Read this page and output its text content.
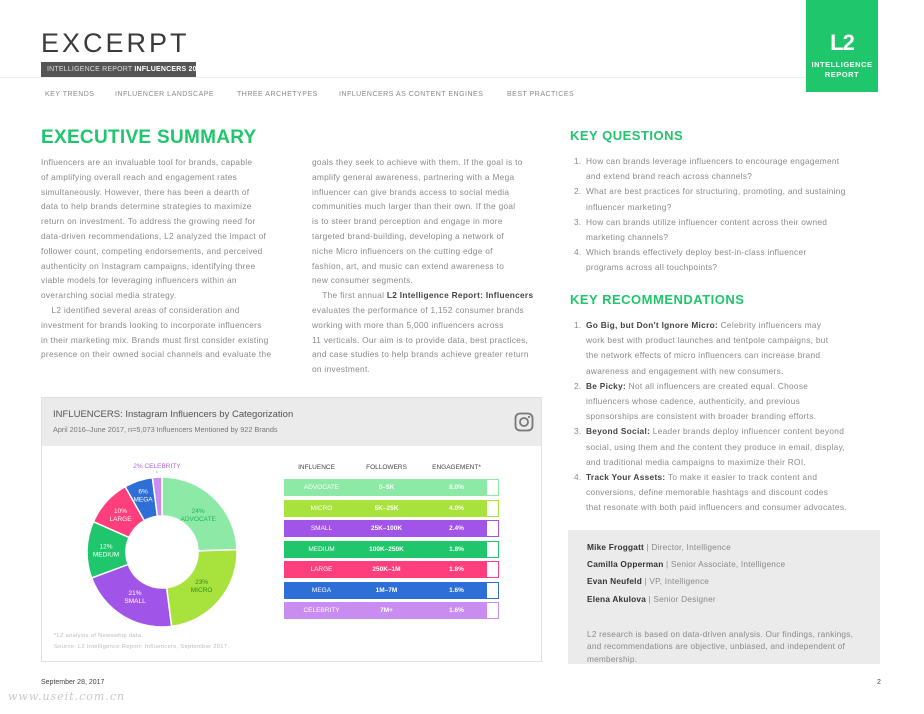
EXCERPT
INTELLIGENCE REPORT INFLUENCERS 2017
L2
INTELLIGENCE
REPORT
KEY TRENDS	INFLUENCER LANDSCAPE	THREE ARCHETYPES	INFLUENCERS AS CONTENT ENGINES	BEST PRACTICES
EXECUTIVE SUMMARY

Influencers are an invaluable tool for brands, capable

of amplifying overall reach and engagement rates

simultaneously. However, there has been a dearth of

data to help brands determine strategies to maximize

return on investment. To address the growing need for

data-driven recommendations, L2 analyzed the impact of

follower count, competing endorsements, and perceived

authenticity on Instagram campaigns, identifying three

viable models for leveraging influencers within an

overarching social media strategy.

L2 identified several areas of consideration and

investment for brands looking to incorporate influencers

in their marketing mix. Brands must first consider existing

presence on their owned social channels and evaluate the

goals they seek to achieve with them. If the goal is to

amplify general awareness, partnering with a Mega

influencer can give brands access to social media

communities much larger than their own. If the goal

is to steer brand perception and engage in more

targeted brand-building, developing a network of

niche Micro influencers on the cutting edge of

fashion, art, and music can extend awareness to

new consumer segments.

The first annual L2 Intelligence Report: Influencers

evaluates the performance of 1,152 consumer brands

working with more than 5,000 influencers across

11 verticals. Our aim is to provide data, best practices,

and case studies to help brands achieve greater return

on investment.

KEY QUESTIONS
1. How can brands leverage influencers to encourage engagement
and extend brand reach across channels?
2. What are best practices for structuring, promoting, and sustaining
influencer marketing?
3. How can brands utilize influencer content across their owned
marketing channels?
4. Which brands effectively deploy best-in-class influencer
programs across all touchpoints?
KEY RECOMMENDATIONS
1. Go Big, but Don't Ignore Micro: Celebrity influencers may
work best with product launches and tentpole campaigns, but
the network effects of micro influencers can increase brand
awareness and engagement with new consumers.
2. Be Picky: Not all influencers are created equal. Choose
influencers whose cadence, authenticity, and previous
sponsorships are consistent with broader branding efforts.
3. Beyond Social: Leader brands deploy influencer content beyond
social, using them and the content they produce in email, display,
and traditional media campaigns to maximize their ROI.
4. Track Your Assets: To make it easier to track content and
conversions, define memorable hashtags and discount codes
that resonate with both paid influencers and consumer advocates.
Mike Froggatt | Director, Intelligence
Camilla Opperman | Senior Associate, Intelligence
Evan Neufeld | VP, Intelligence
Elena Akulova | Senior Designer
L2 research is based on data-driven analysis. Our findings, rankings, and recommendations are objective, unbiased, and independent of membership.
INFLUENCERS: Instagram Influencers by Categorization
April 2016–June 2017, n=5,073 Influencers Mentioned by 922 Brands
24% ADVOCATE
23% MICRO
21% SMALL
12% MEDIUM
10% LARGE
6% MEGA
2% CELEBRITY	INFLUENCE	FOLLOWERS	ENGAGEMENT*
ADVOCATE	0–5K	8.0%
MICRO	5K–25K	4.0%
SMALL	25K–100K	2.4%
MEDIUM	100K–250K	1.8%
LARGE	250K–1M	1.8%
MEGA	1M–7M	1.6%
CELEBRITY	7M+	1.6%
*L2 analysis of Newswhip data.
Source: L2 Intelligence Report: Influencers, September 2017.
September 28, 2017	2
www.useit.com.cn
